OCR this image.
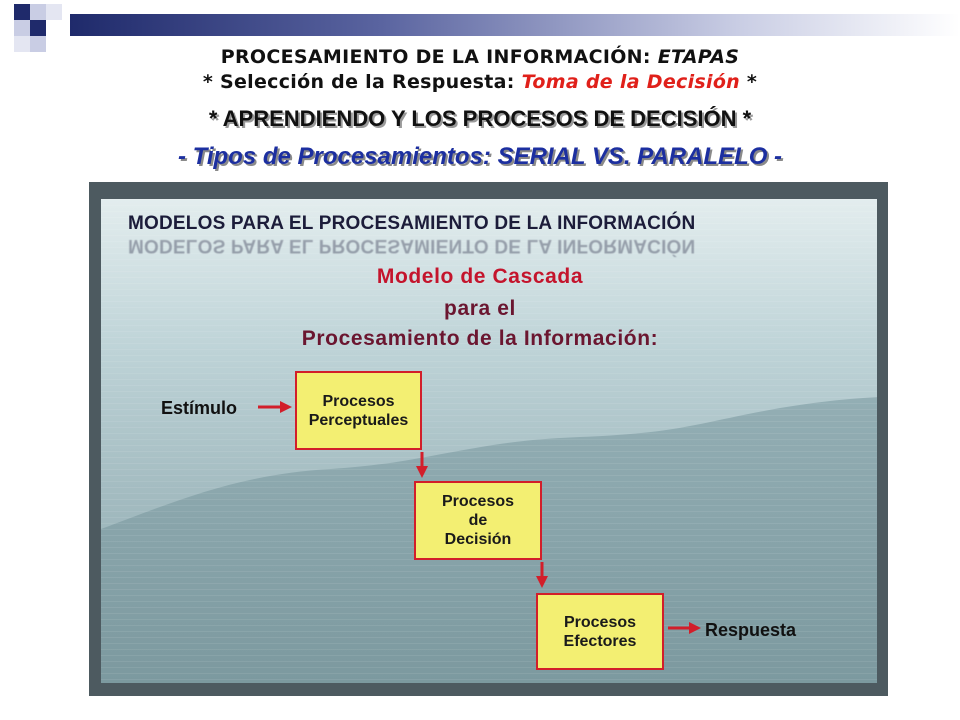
PROCESAMIENTO DE LA INFORMACIÓN: ETAPAS
* Selección de la Respuesta: Toma de la Decisión *
* APRENDIENDO Y LOS PROCESOS DE DECISIÓN *
- Tipos de Procesamientos: SERIAL VS. PARALELO -
MODELOS PARA EL PROCESAMIENTO DE LA INFORMACIÓN
MODELOS PARA EL PROCESAMIENTO DE LA INFORMACIÓN
Modelo de Cascada
para el
Procesamiento de la Información:
Estímulo	Procesos
Perceptuales
Procesos
de
Decisión
Procesos
Efectores
Respuesta
